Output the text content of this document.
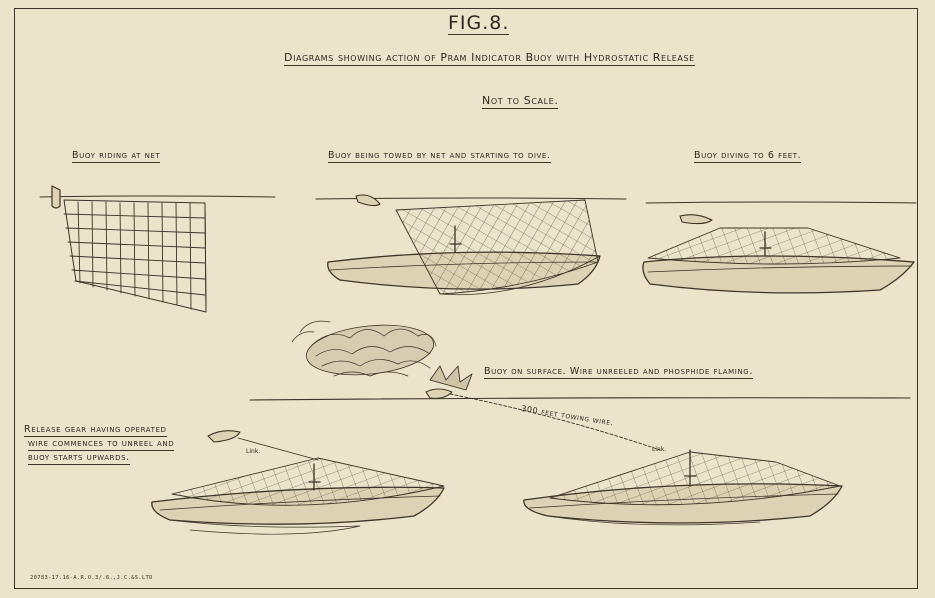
FIG.8.
Diagrams showing action of Pram Indicator Buoy with Hydrostatic Release
Not to Scale.
Buoy riding at net	Buoy being towed by net and starting to dive.	Buoy diving to 6 feet.
Buoy on surface. Wire unreeled and phosphide flaming.
Release gear having operated
wire commences to unreel and
buoy starts upwards.
300 feet towing wire.
Link.	Link.
20783-17.16-A.R.O.3/.6.,J.C.&S.LTD
